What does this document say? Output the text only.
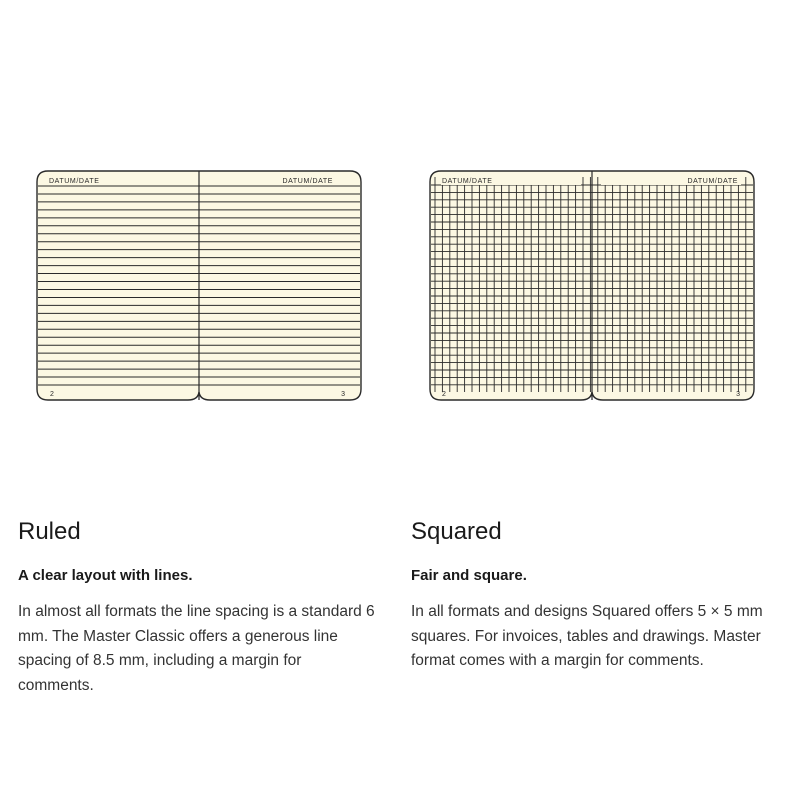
DATUM/DATE	DATUM/DATE
2	3
DATUM/DATE	DATUM/DATE
2	3
Ruled

A clear layout with lines.

In almost all formats the line spacing is a standard 6 mm. The Master Classic offers a generous line spacing of 8.5 mm, including a margin for comments.

Squared

Fair and square.

In all formats and designs Squared offers 5 × 5 mm squares. For invoices, tables and drawings. Master format comes with a margin for comments.
